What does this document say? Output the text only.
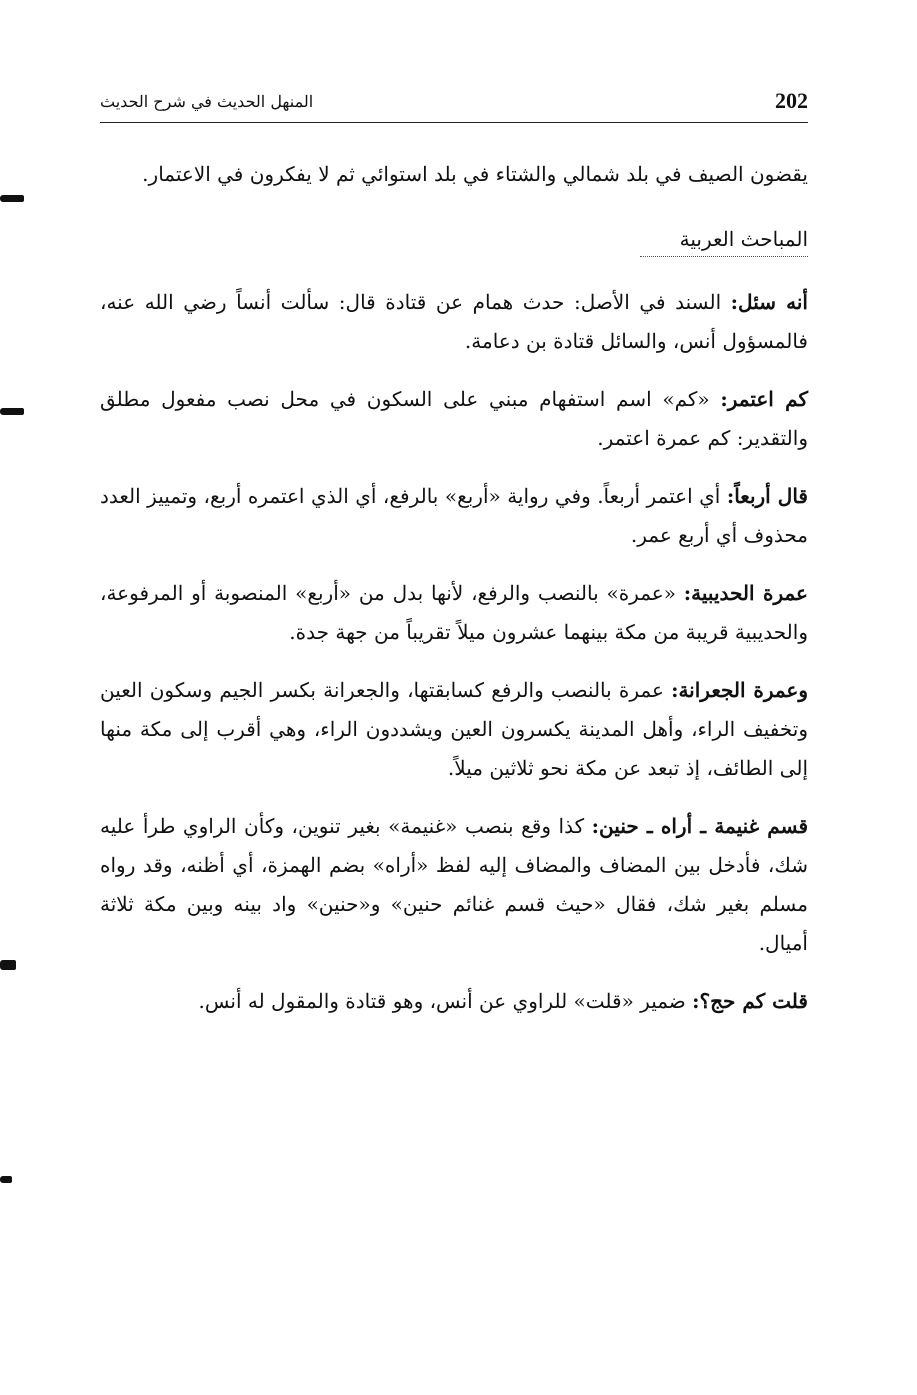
202
المنهل الحديث في شرح الحديث

يقضون الصيف في بلد شمالي والشتاء في بلد استوائي ثم لا يفكرون في الاعتمار.

المباحث العربية

أنه سئل: السند في الأصل: حدث همام عن قتادة قال: سألت أنساً رضي الله عنه، فالمسؤول أنس، والسائل قتادة بن دعامة.

كم اعتمر: «كم» اسم استفهام مبني على السكون في محل نصب مفعول مطلق والتقدير: كم عمرة اعتمر.

قال أربعاً: أي اعتمر أربعاً. وفي رواية «أربع» بالرفع، أي الذي اعتمره أربع، وتمييز العدد محذوف أي أربع عمر.

عمرة الحديبية: «عمرة» بالنصب والرفع، لأنها بدل من «أربع» المنصوبة أو المرفوعة، والحديبية قريبة من مكة بينهما عشرون ميلاً تقريباً من جهة جدة.

وعمرة الجعرانة: عمرة بالنصب والرفع كسابقتها، والجعرانة بكسر الجيم وسكون العين وتخفيف الراء، وأهل المدينة يكسرون العين ويشددون الراء، وهي أقرب إلى مكة منها إلى الطائف، إذ تبعد عن مكة نحو ثلاثين ميلاً.

قسم غنيمة ـ أراه ـ حنين: كذا وقع بنصب «غنيمة» بغير تنوين، وكأن الراوي طرأ عليه شك، فأدخل بين المضاف والمضاف إليه لفظ «أراه» بضم الهمزة، أي أظنه، وقد رواه مسلم بغير شك، فقال «حيث قسم غنائم حنين» و«حنين» واد بينه وبين مكة ثلاثة أميال.

قلت كم حج؟: ضمير «قلت» للراوي عن أنس، وهو قتادة والمقول له أنس.
